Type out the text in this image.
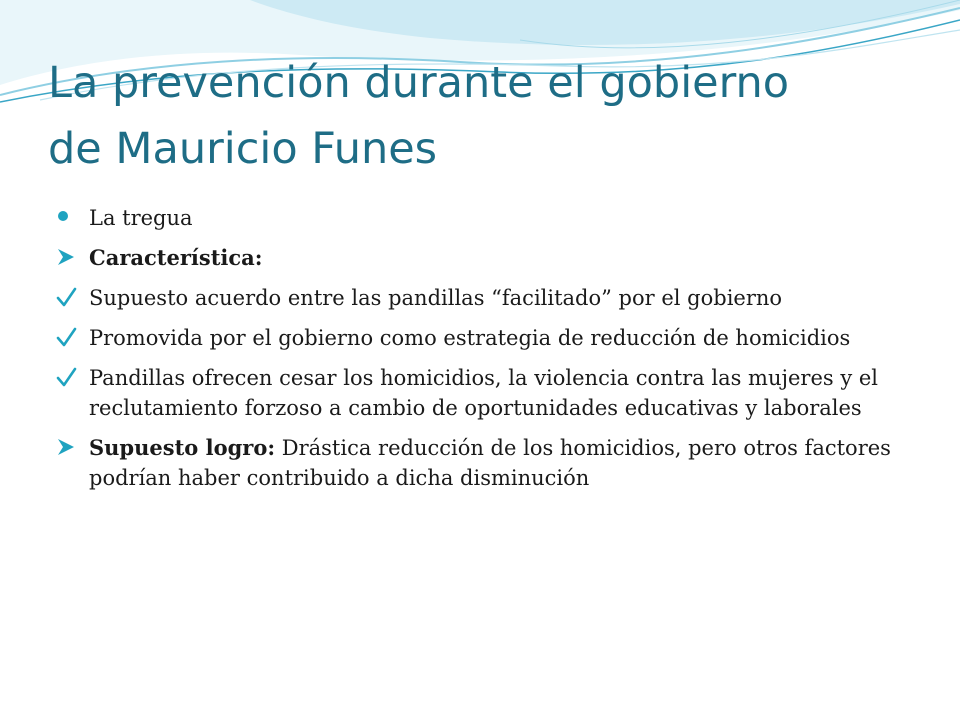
La prevención durante el gobierno
de Mauricio Funes
La tregua
Característica:
Supuesto acuerdo entre las pandillas “facilitado” por el gobierno
Promovida por el gobierno como estrategia de reducción de homicidios
Pandillas ofrecen cesar los homicidios, la violencia contra las mujeres y el reclutamiento forzoso a cambio de oportunidades educativas y laborales
Supuesto logro: Drástica reducción de los homicidios, pero otros factores podrían haber contribuido a dicha disminución
